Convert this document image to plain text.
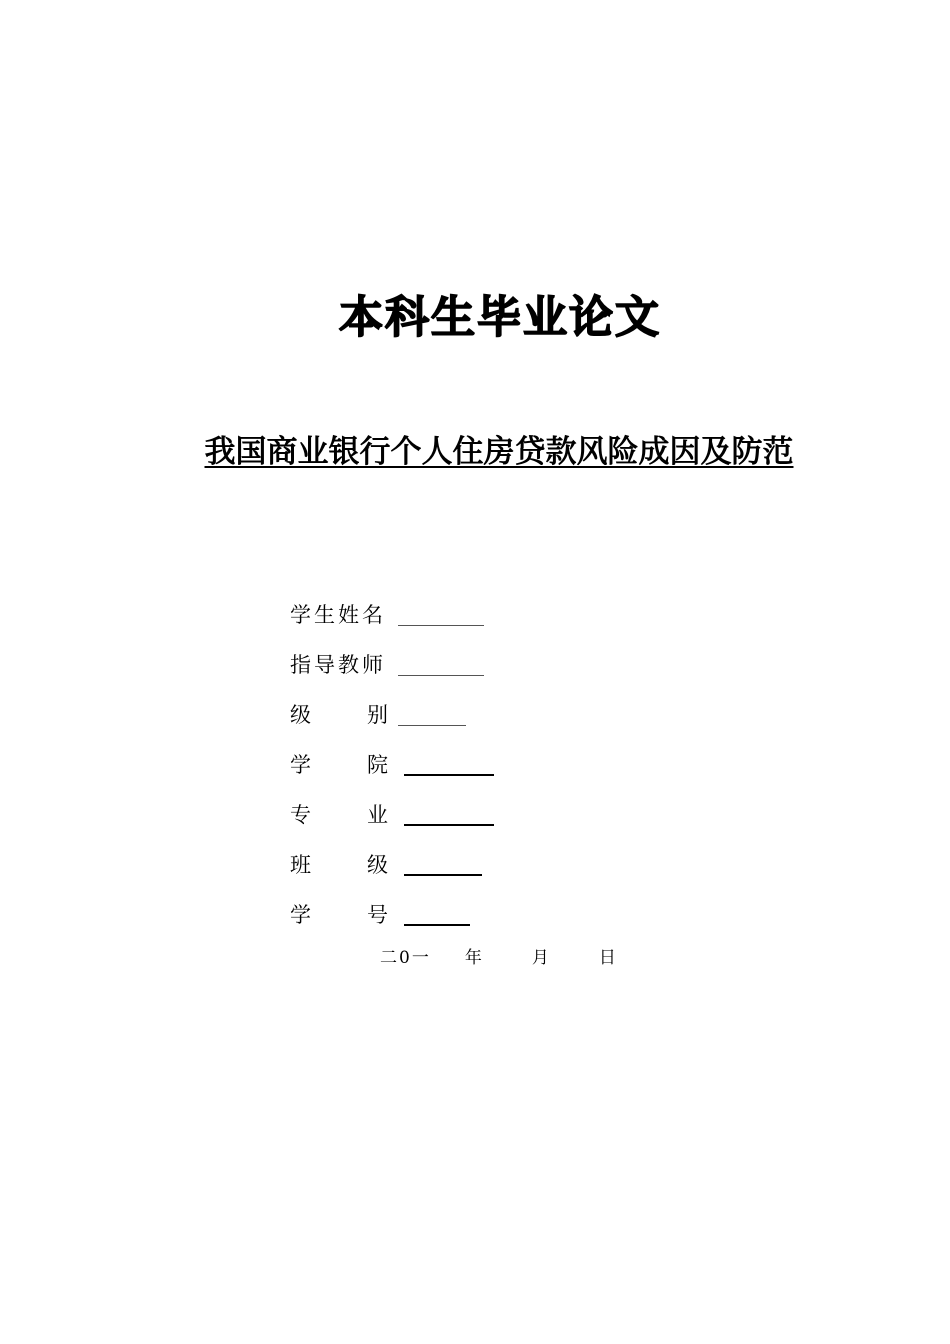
本科生毕业论文
我国商业银行个人住房贷款风险成因及防范
学生姓名
指导教师
级	别
学	院
专	业
班	级
学	号
二0一 年	月	日
